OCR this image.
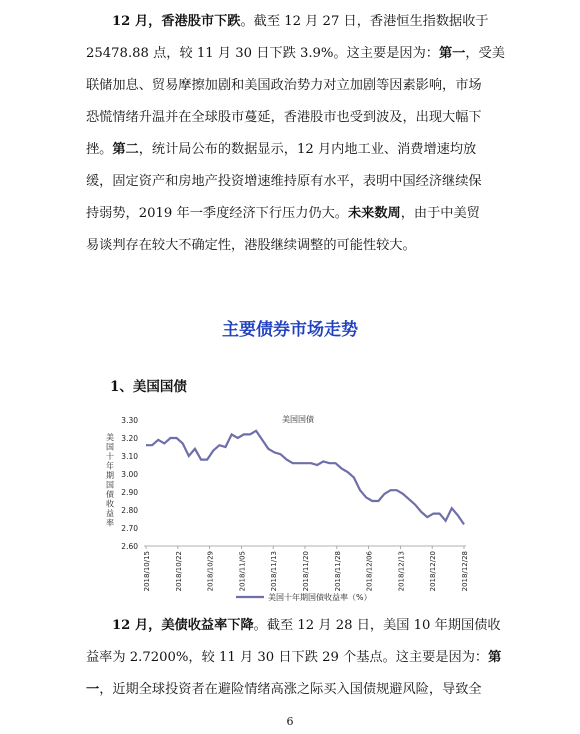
12 月，香港股市下跌。截至 12 月 27 日，香港恒生指数据收于
25478.88 点，较 11 月 30 日下跌 3.9%。这主要是因为：第一，受美
联储加息、贸易摩擦加剧和美国政治势力对立加剧等因素影响，市场
恐慌情绪升温并在全球股市蔓延，香港股市也受到波及，出现大幅下
挫。第二，统计局公布的数据显示，12 月内地工业、消费增速均放
缓，固定资产和房地产投资增速维持原有水平，表明中国经济继续保
持弱势，2019 年一季度经济下行压力仍大。未来数周，由于中美贸
易谈判存在较大不确定性，港股继续调整的可能性较大。
主要债券市场走势
1、美国国债
美国国债
3.30
3.20
3.10
3.00
2.90
2.80
2.70
2.60
美国十年期国债收益率
2018/10/15	2018/10/22	2018/10/29	2018/11/05	2018/11/13	2018/11/20	2018/11/28	2018/12/06	2018/12/13	2018/12/20	2018/12/28
美国十年期国债收益率（%）
12 月，美债收益率下降。截至 12 月 28 日，美国 10 年期国债收
益率为 2.7200%，较 11 月 30 日下跌 29 个基点。这主要是因为：第
一，近期全球投资者在避险情绪高涨之际买入国债规避风险，导致全
6
